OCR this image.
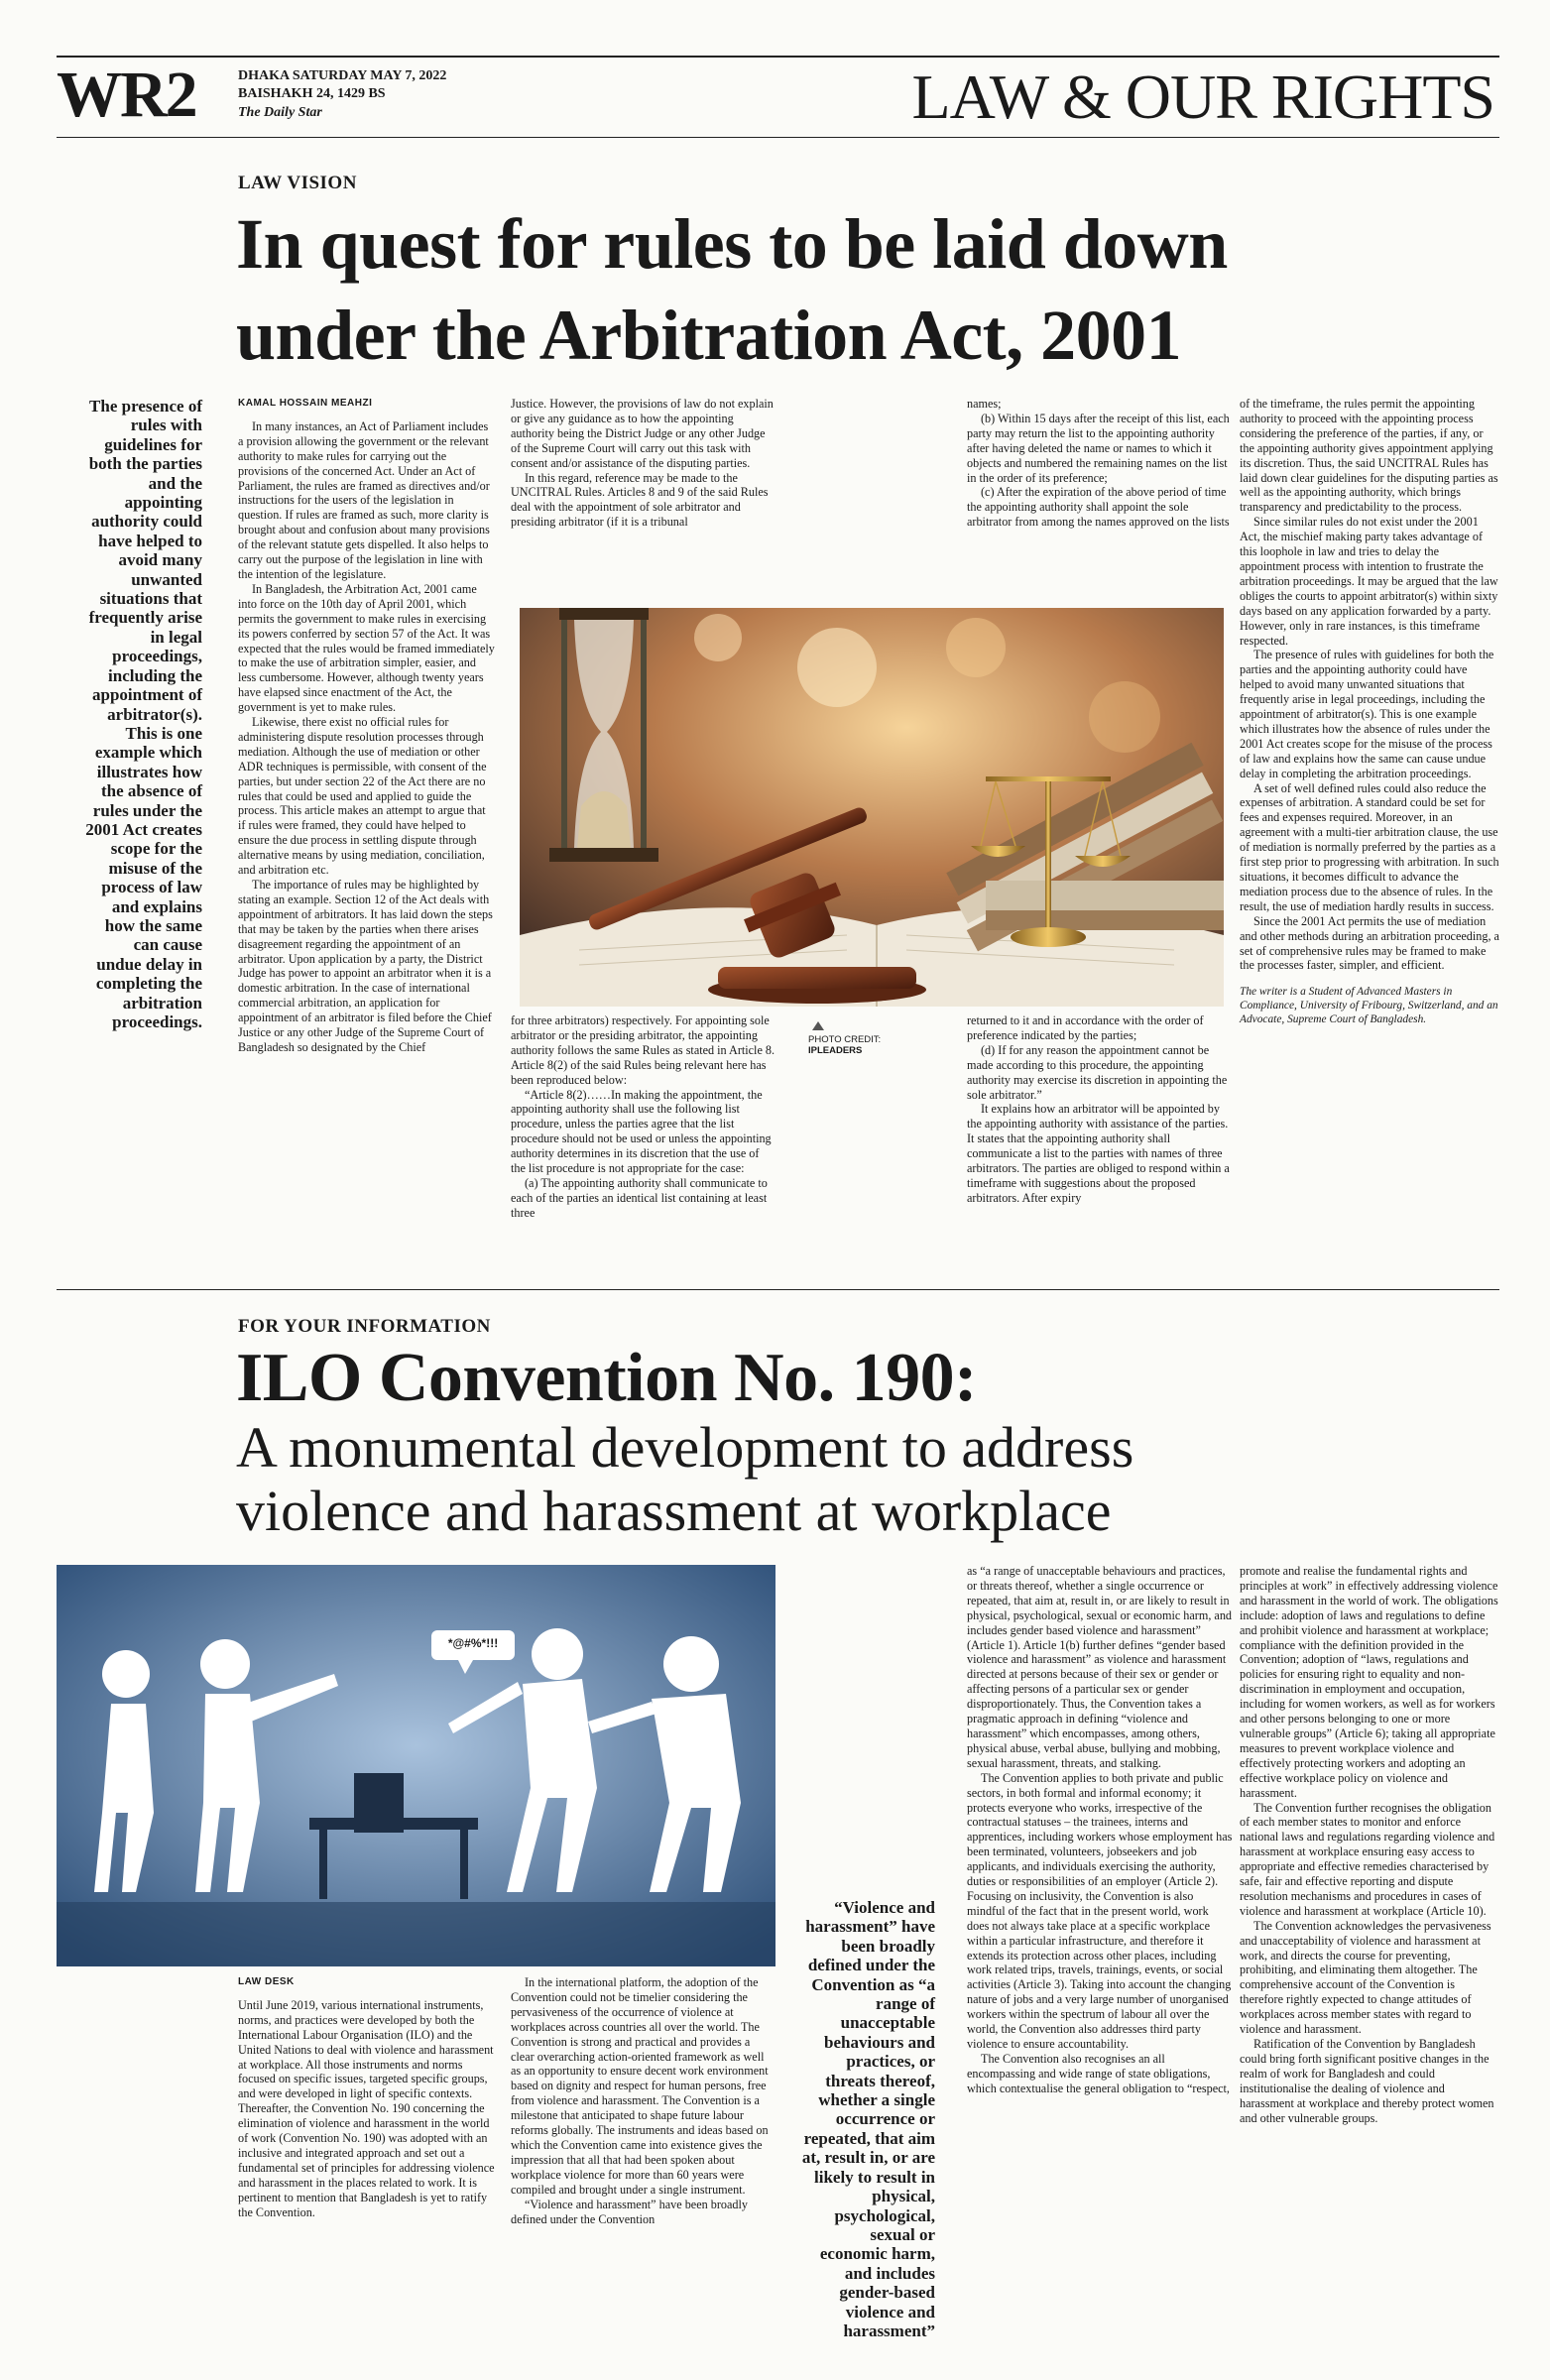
WR2	DHAKA SATURDAY MAY 7, 2022
BAISHAKH 24, 1429 BS
The Daily Star	LAW & OUR RIGHTS
LAW VISION
In quest for rules to be laid down
under the Arbitration Act, 2001
The presence of rules with guidelines for both the parties and the appointing authority could have helped to avoid many unwanted situations that frequently arise in legal proceedings, including the appointment of arbitrator(s). This is one example which illustrates how the absence of rules under the 2001 Act creates scope for the misuse of the process of law and explains how the same can cause undue delay in completing the arbitration proceedings.
KAMAL HOSSAIN MEAHZI

In many instances, an Act of Parliament includes a provision allowing the government or the relevant authority to make rules for carrying out the provisions of the concerned Act. Under an Act of Parliament, the rules are framed as directives and/or instructions for the users of the legislation in question. If rules are framed as such, more clarity is brought about and confusion about many provisions of the relevant statute gets dispelled. It also helps to carry out the purpose of the legislation in line with the intention of the legislature.

In Bangladesh, the Arbitration Act, 2001 came into force on the 10th day of April 2001, which permits the government to make rules in exercising its powers conferred by section 57 of the Act. It was expected that the rules would be framed immediately to make the use of arbitration simpler, easier, and less cumbersome. However, although twenty years have elapsed since enactment of the Act, the government is yet to make rules.

Likewise, there exist no official rules for administering dispute resolution processes through mediation. Although the use of mediation or other ADR techniques is permissible, with consent of the parties, but under section 22 of the Act there are no rules that could be used and applied to guide the process. This article makes an attempt to argue that if rules were framed, they could have helped to ensure the due process in settling dispute through alternative means by using mediation, conciliation, and arbitration etc.

The importance of rules may be highlighted by stating an example. Section 12 of the Act deals with appointment of arbitrators. It has laid down the steps that may be taken by the parties when there arises disagreement regarding the appointment of an arbitrator. Upon application by a party, the District Judge has power to appoint an arbitrator when it is a domestic arbitration. In the case of international commercial arbitration, an application for appointment of an arbitrator is filed before the Chief Justice or any other Judge of the Supreme Court of Bangladesh so designated by the Chief

Justice. However, the provisions of law do not explain or give any guidance as to how the appointing authority being the District Judge or any other Judge of the Supreme Court will carry out this task with consent and/or assistance of the disputing parties.

In this regard, reference may be made to the UNCITRAL Rules. Articles 8 and 9 of the said Rules deal with the appointment of sole arbitrator and presiding arbitrator (if it is a tribunal

names;

(b) Within 15 days after the receipt of this list, each party may return the list to the appointing authority after having deleted the name or names to which it objects and numbered the remaining names on the list in the order of its preference;

(c) After the expiration of the above period of time the appointing authority shall appoint the sole arbitrator from among the names approved on the lists

PHOTO CREDIT:
IPLEADERS

for three arbitrators) respectively. For appointing sole arbitrator or the presiding arbitrator, the appointing authority follows the same Rules as stated in Article 8. Article 8(2) of the said Rules being relevant here has been reproduced below:

“Article 8(2)……In making the appointment, the appointing authority shall use the following list procedure, unless the parties agree that the list procedure should not be used or unless the appointing authority determines in its discretion that the use of the list procedure is not appropriate for the case:

(a) The appointing authority shall communicate to each of the parties an identical list containing at least three

returned to it and in accordance with the order of preference indicated by the parties;

(d) If for any reason the appointment cannot be made according to this procedure, the appointing authority may exercise its discretion in appointing the sole arbitrator.”

It explains how an arbitrator will be appointed by the appointing authority with assistance of the parties. It states that the appointing authority shall communicate a list to the parties with names of three arbitrators. The parties are obliged to respond within a timeframe with suggestions about the proposed arbitrators. After expiry

of the timeframe, the rules permit the appointing authority to proceed with the appointing process considering the preference of the parties, if any, or the appointing authority gives appointment applying its discretion. Thus, the said UNCITRAL Rules has laid down clear guidelines for the disputing parties as well as the appointing authority, which brings transparency and predictability to the process.

Since similar rules do not exist under the 2001 Act, the mischief making party takes advantage of this loophole in law and tries to delay the appointment process with intention to frustrate the arbitration proceedings. It may be argued that the law obliges the courts to appoint arbitrator(s) within sixty days based on any application forwarded by a party. However, only in rare instances, is this timeframe respected.

The presence of rules with guidelines for both the parties and the appointing authority could have helped to avoid many unwanted situations that frequently arise in legal proceedings, including the appointment of arbitrator(s). This is one example which illustrates how the absence of rules under the 2001 Act creates scope for the misuse of the process of law and explains how the same can cause undue delay in completing the arbitration proceedings.

A set of well defined rules could also reduce the expenses of arbitration. A standard could be set for fees and expenses required. Moreover, in an agreement with a multi-tier arbitration clause, the use of mediation is normally preferred by the parties as a first step prior to progressing with arbitration. In such situations, it becomes difficult to advance the mediation process due to the absence of rules. In the result, the use of mediation hardly results in success.

Since the 2001 Act permits the use of mediation and other methods during an arbitration proceeding, a set of comprehensive rules may be framed to make the processes faster, simpler, and efficient.

The writer is a Student of Advanced Masters in Compliance, University of Fribourg, Switzerland, and an Advocate, Supreme Court of Bangladesh.
FOR YOUR INFORMATION
ILO Convention No. 190:
A monumental development to address
violence and harassment at workplace
*@#%*!!!
LAW DESK

Until June 2019, various international instruments, norms, and practices were developed by both the International Labour Organisation (ILO) and the United Nations to deal with violence and harassment at workplace. All those instruments and norms focused on specific issues, targeted specific groups, and were developed in light of specific contexts. Thereafter, the Convention No. 190 concerning the elimination of violence and harassment in the world of work (Convention No. 190) was adopted with an inclusive and integrated approach and set out a fundamental set of principles for addressing violence and harassment in the places related to work. It is pertinent to mention that Bangladesh is yet to ratify the Convention.

In the international platform, the adoption of the Convention could not be timelier considering the pervasiveness of the occurrence of violence at workplaces across countries all over the world. The Convention is strong and practical and provides a clear overarching action-oriented framework as well as an opportunity to ensure decent work environment based on dignity and respect for human persons, free from violence and harassment. The Convention is a milestone that anticipated to shape future labour reforms globally. The instruments and ideas based on which the Convention came into existence gives the impression that all that had been spoken about workplace violence for more than 60 years were compiled and brought under a single instrument.

“Violence and harassment” have been broadly defined under the Convention

“Violence and harassment” have been broadly defined under the Convention as “a range of unacceptable behaviours and practices, or threats thereof, whether a single occurrence or repeated, that aim at, result in, or are likely to result in physical, psychological, sexual or economic harm, and includes gender-based violence and harassment”

as “a range of unacceptable behaviours and practices, or threats thereof, whether a single occurrence or repeated, that aim at, result in, or are likely to result in physical, psychological, sexual or economic harm, and includes gender based violence and harassment” (Article 1). Article 1(b) further defines “gender based violence and harassment” as violence and harassment directed at persons because of their sex or gender or affecting persons of a particular sex or gender disproportionately. Thus, the Convention takes a pragmatic approach in defining “violence and harassment” which encompasses, among others, physical abuse, verbal abuse, bullying and mobbing, sexual harassment, threats, and stalking.

The Convention applies to both private and public sectors, in both formal and informal economy; it protects everyone who works, irrespective of the contractual statuses – the trainees, interns and apprentices, including workers whose employment has been terminated, volunteers, jobseekers and job applicants, and individuals exercising the authority, duties or responsibilities of an employer (Article 2). Focusing on inclusivity, the Convention is also mindful of the fact that in the present world, work does not always take place at a specific workplace within a particular infrastructure, and therefore it extends its protection across other places, including work related trips, travels, trainings, events, or social activities (Article 3). Taking into account the changing nature of jobs and a very large number of unorganised workers within the spectrum of labour all over the world, the Convention also addresses third party violence to ensure accountability.

The Convention also recognises an all encompassing and wide range of state obligations, which contextualise the general obligation to “respect,

promote and realise the fundamental rights and principles at work” in effectively addressing violence and harassment in the world of work. The obligations include: adoption of laws and regulations to define and prohibit violence and harassment at workplace; compliance with the definition provided in the Convention; adoption of “laws, regulations and policies for ensuring right to equality and non-discrimination in employment and occupation, including for women workers, as well as for workers and other persons belonging to one or more vulnerable groups” (Article 6); taking all appropriate measures to prevent workplace violence and effectively protecting workers and adopting an effective workplace policy on violence and harassment.

The Convention further recognises the obligation of each member states to monitor and enforce national laws and regulations regarding violence and harassment at workplace ensuring easy access to appropriate and effective remedies characterised by safe, fair and effective reporting and dispute resolution mechanisms and procedures in cases of violence and harassment at workplace (Article 10).

The Convention acknowledges the pervasiveness and unacceptability of violence and harassment at work, and directs the course for preventing, prohibiting, and eliminating them altogether. The comprehensive account of the Convention is therefore rightly expected to change attitudes of workplaces across member states with regard to violence and harassment.

Ratification of the Convention by Bangladesh could bring forth significant positive changes in the realm of work for Bangladesh and could institutionalise the dealing of violence and harassment at workplace and thereby protect women and other vulnerable groups.
